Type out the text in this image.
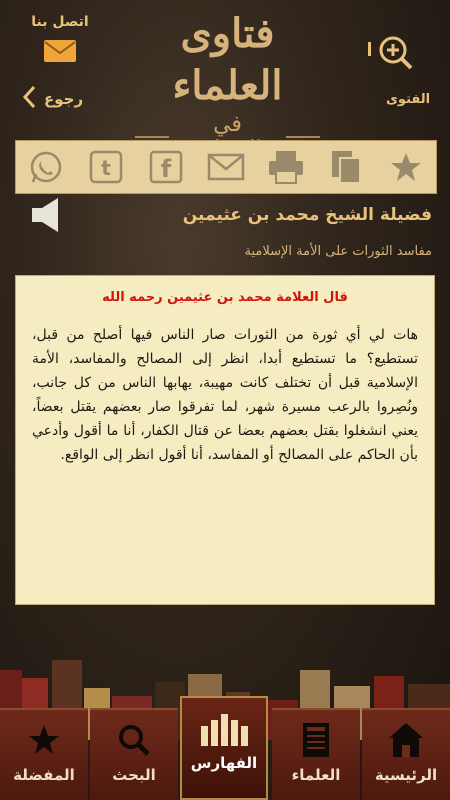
اتصل بنا
رجوع
فتاوى العلماء
في
الفتوى
t f
فضيلة الشيخ محمد بن عثيمين
مفاسد الثورات على الأمة الإسلامية
قال العلامة محمد بن عثيمين رحمه الله
هات لي أي ثورة من الثورات صار الناس فيها أصلح من قبل، تستطيع؟ ما تستطيع أبدا، انظر إلى المصالح والمفاسد، الأمة الإسلامية قبل أن تختلف كانت مهيبة، يهابها الناس من كل جانب، ونُصِروا بالرعب مسيرة شهر، لما تفرقوا صار بعضهم يقتل بعضاً، يعني انشغلوا بقتل بعضهم بعضا عن قتال الكفار، أنا ما أقول وأدعي بأن الحاكم على المصالح أو المفاسد، أنا أقول انظر إلى الواقع.
المفضلة	البحث
الفهارس
العلماء	الرئيسية
